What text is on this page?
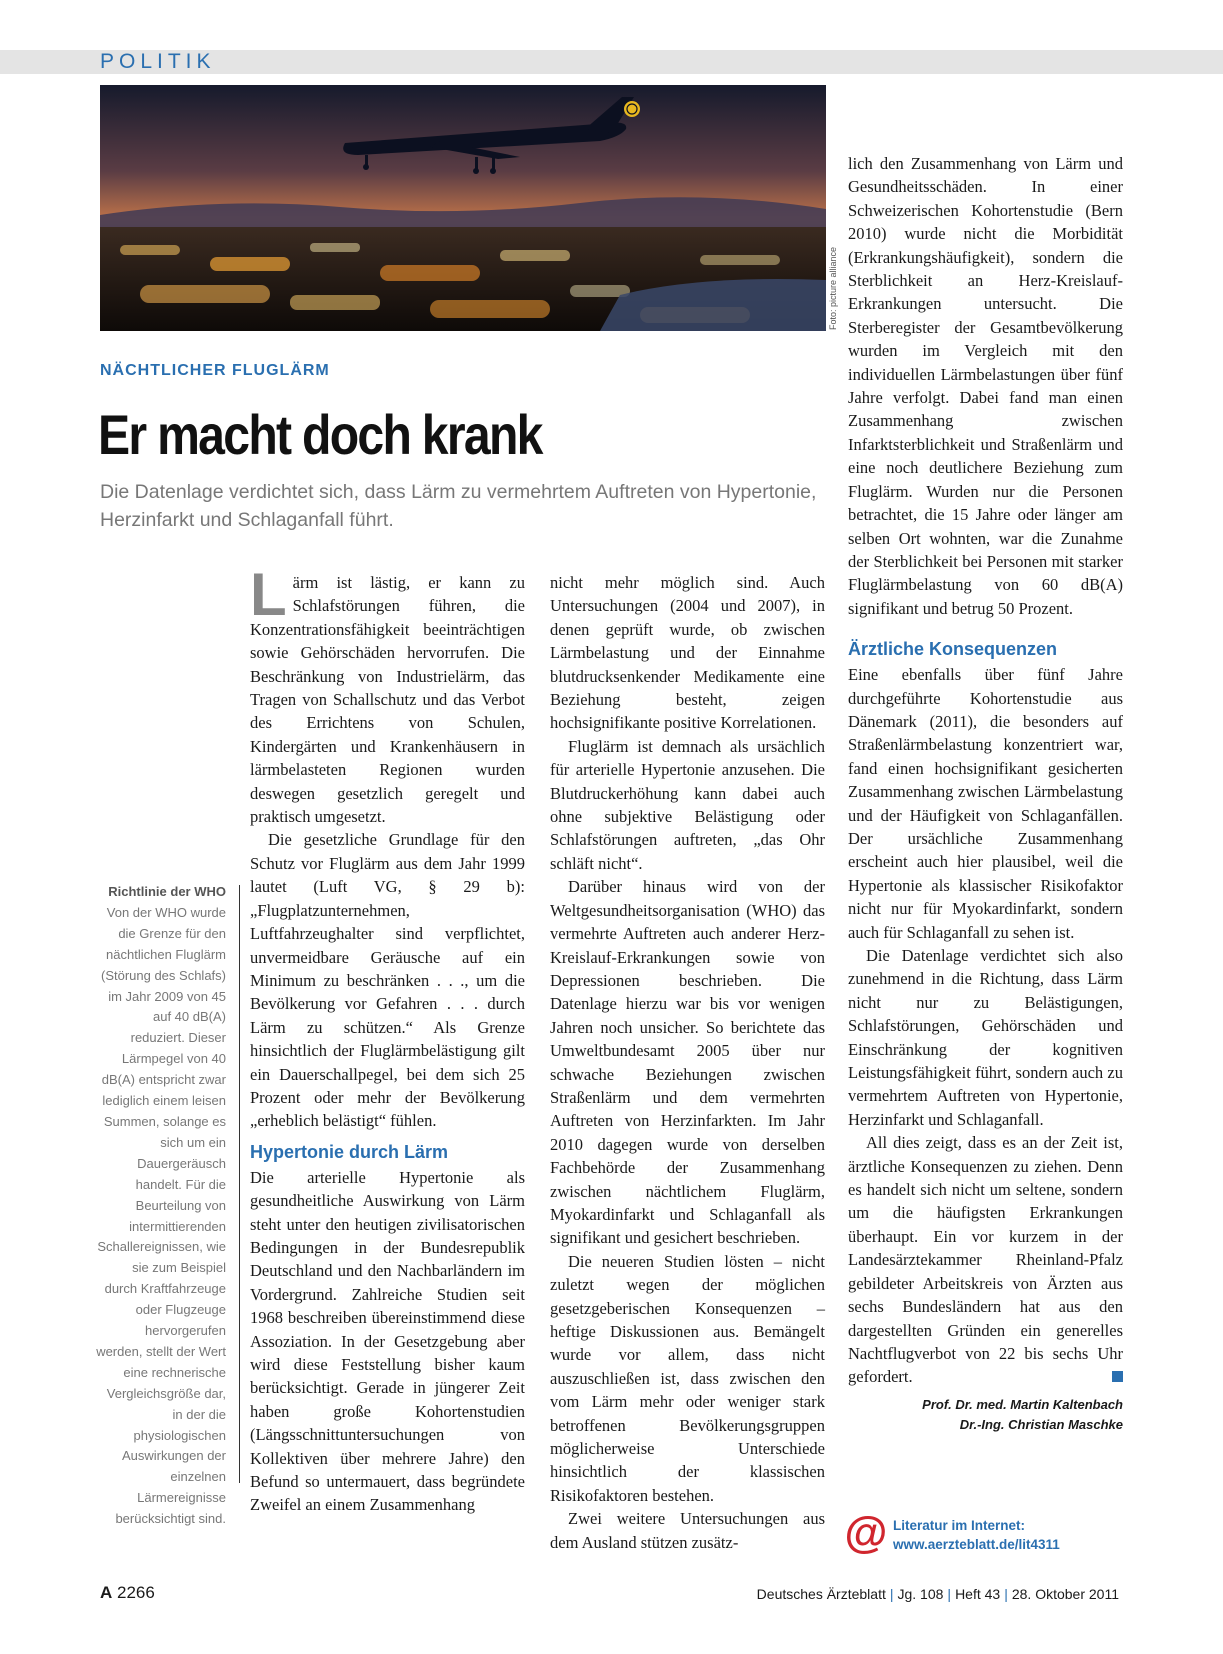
POLITIK
Foto: picture alliance
NÄCHTLICHER FLUGLÄRM
Er macht doch krank
Die Datenlage verdichtet sich, dass Lärm zu vermehrtem Auftreten von Hypertonie, Herzinfarkt und Schlaganfall führt.
Richtlinie der WHO
Von der WHO wurde die Grenze für den nächtlichen Fluglärm (Störung des Schlafs) im Jahr 2009 von 45 auf 40 dB(A) reduziert. Dieser Lärmpegel von 40 dB(A) entspricht zwar lediglich einem leisen Summen, solange es sich um ein Dauergeräusch handelt. Für die Beurteilung von intermittierenden Schallereignissen, wie sie zum Beispiel durch Kraftfahrzeuge oder Flugzeuge hervorgerufen werden, stellt der Wert eine rechnerische Vergleichsgröße dar, in der die physiologischen Auswirkungen der einzelnen Lärmereignisse berücksichtigt sind.

Lärm ist lästig, er kann zu Schlafstörungen führen, die Konzentrationsfähigkeit beeinträchtigen sowie Gehörschäden hervorrufen. Die Beschränkung von Industrielärm, das Tragen von Schallschutz und das Verbot des Errichtens von Schulen, Kindergärten und Krankenhäusern in lärmbelasteten Regionen wurden deswegen gesetzlich geregelt und praktisch umgesetzt.

Die gesetzliche Grundlage für den Schutz vor Fluglärm aus dem Jahr 1999 lautet (Luft VG, § 29 b): „Flugplatzunternehmen, Luftfahrzeughalter sind verpflichtet, unvermeidbare Geräusche auf ein Minimum zu beschränken . . ., um die Bevölkerung vor Gefahren . . . durch Lärm zu schützen.“ Als Grenze hinsichtlich der Fluglärmbelästigung gilt ein Dauerschallpegel, bei dem sich 25 Prozent oder mehr der Bevölkerung „erheblich belästigt“ fühlen.

Hypertonie durch Lärm

Die arterielle Hypertonie als gesundheitliche Auswirkung von Lärm steht unter den heutigen zivilisatorischen Bedingungen in der Bundesrepublik Deutschland und den Nachbarländern im Vordergrund. Zahlreiche Studien seit 1968 beschreiben übereinstimmend diese Assoziation. In der Gesetzgebung aber wird diese Feststellung bisher kaum berücksichtigt. Gerade in jüngerer Zeit haben große Kohortenstudien (Längsschnittuntersuchungen von Kollektiven über mehrere Jahre) den Befund so untermauert, dass begründete Zweifel an einem Zusammenhang

nicht mehr möglich sind. Auch Untersuchungen (2004 und 2007), in denen geprüft wurde, ob zwischen Lärmbelastung und der Einnahme blutdrucksenkender Medikamente eine Beziehung besteht, zeigen hochsignifikante positive Korrelationen.

Fluglärm ist demnach als ursächlich für arterielle Hypertonie anzusehen. Die Blutdruckerhöhung kann dabei auch ohne subjektive Belästigung oder Schlafstörungen auftreten, „das Ohr schläft nicht“.

Darüber hinaus wird von der Weltgesundheitsorganisation (WHO) das vermehrte Auftreten auch anderer Herz-Kreislauf-Erkrankungen sowie von Depressionen beschrieben. Die Datenlage hierzu war bis vor wenigen Jahren noch unsicher. So berichtete das Umweltbundesamt 2005 über nur schwache Beziehungen zwischen Straßenlärm und dem vermehrten Auftreten von Herzinfarkten. Im Jahr 2010 dagegen wurde von derselben Fachbehörde der Zusammenhang zwischen nächtlichem Fluglärm, Myokardinfarkt und Schlaganfall als signifikant und gesichert beschrieben.

Die neueren Studien lösten – nicht zuletzt wegen der möglichen gesetzgeberischen Konsequenzen – heftige Diskussionen aus. Bemängelt wurde vor allem, dass nicht auszuschließen ist, dass zwischen den vom Lärm mehr oder weniger stark betroffenen Bevölkerungsgruppen möglicherweise Unterschiede hinsichtlich der klassischen Risikofaktoren bestehen.

Zwei weitere Untersuchungen aus dem Ausland stützen zusätz-

lich den Zusammenhang von Lärm und Gesundheitsschäden. In einer Schweizerischen Kohortenstudie (Bern 2010) wurde nicht die Morbidität (Erkrankungshäufigkeit), sondern die Sterblichkeit an Herz-Kreislauf-Erkrankungen untersucht. Die Sterberegister der Gesamtbevölkerung wurden im Vergleich mit den individuellen Lärmbelastungen über fünf Jahre verfolgt. Dabei fand man einen Zusammenhang zwischen Infarktsterblichkeit und Straßenlärm und eine noch deutlichere Beziehung zum Fluglärm. Wurden nur die Personen betrachtet, die 15 Jahre oder länger am selben Ort wohnten, war die Zunahme der Sterblichkeit bei Personen mit starker Fluglärmbelastung von 60 dB(A) signifikant und betrug 50 Prozent.

Ärztliche Konsequenzen

Eine ebenfalls über fünf Jahre durchgeführte Kohortenstudie aus Dänemark (2011), die besonders auf Straßenlärmbelastung konzentriert war, fand einen hochsignifikant gesicherten Zusammenhang zwischen Lärmbelastung und der Häufigkeit von Schlaganfällen. Der ursächliche Zusammenhang erscheint auch hier plausibel, weil die Hypertonie als klassischer Risikofaktor nicht nur für Myokardinfarkt, sondern auch für Schlaganfall zu sehen ist.

Die Datenlage verdichtet sich also zunehmend in die Richtung, dass Lärm nicht nur zu Belästigungen, Schlafstörungen, Gehörschäden und Einschränkung der kognitiven Leistungsfähigkeit führt, sondern auch zu vermehrtem Auftreten von Hypertonie, Herzinfarkt und Schlaganfall.

All dies zeigt, dass es an der Zeit ist, ärztliche Konsequenzen zu ziehen. Denn es handelt sich nicht um seltene, sondern um die häufigsten Erkrankungen überhaupt. Ein vor kurzem in der Landesärztekammer Rheinland-Pfalz gebildeter Arbeitskreis von Ärzten aus sechs Bundesländern hat aus den dargestellten Gründen ein generelles Nachtflugverbot von 22 bis sechs Uhr gefordert.

Prof. Dr. med. Martin Kaltenbach
Dr.-Ing. Christian Maschke
@ Literatur im Internet:
www.aerzteblatt.de/lit4311
A 2266	Deutsches Ärzteblatt | Jg. 108 | Heft 43 | 28. Oktober 2011
